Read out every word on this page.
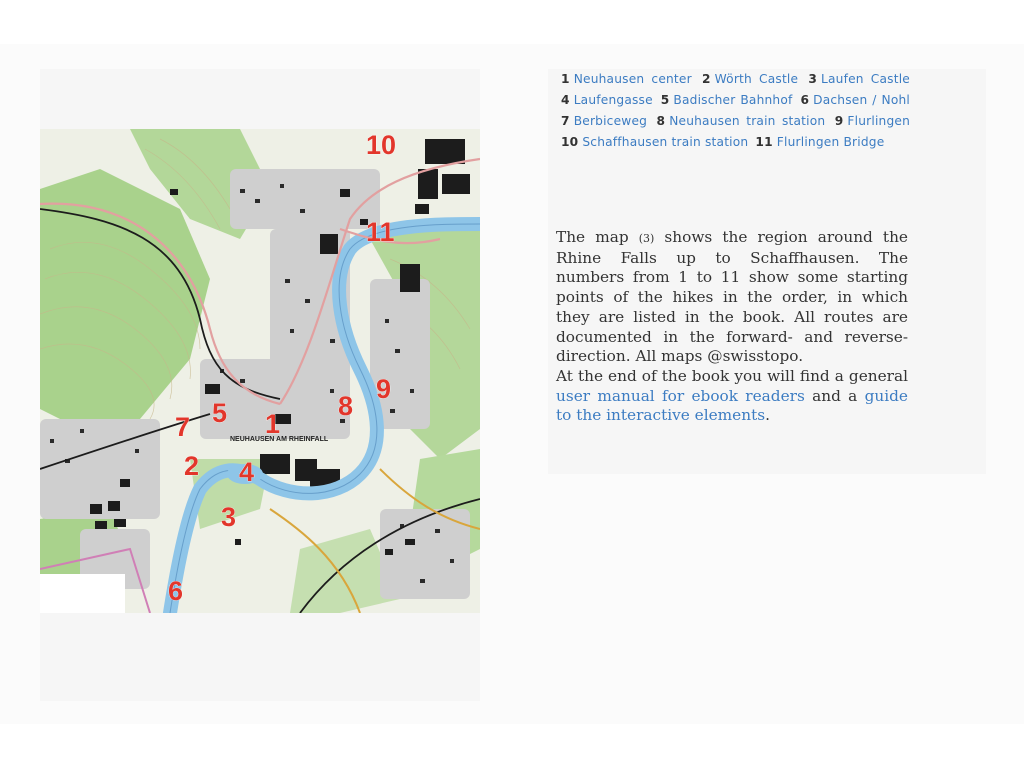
NEUHAUSEN AM RHEINFALL
1
2
3
4
5
6
7
8
9
10
11
1 Neuhausen center 2 Wörth Castle 3 Laufen Castle 4 Laufengasse 5 Badischer Bahnhof 6 Dachsen / Nohl 7 Berbiceweg 8 Neuhausen train station 9 Flurlingen 10 Schaffhausen train station 11 Flurlingen Bridge

The map (3) shows the region around the Rhine Falls up to Schaffhausen. The numbers from 1 to 11 show some starting points of the hikes in the order, in which they are listed in the book. All routes are documented in the forward- and reverse-direction. All maps @swisstopo.

At the end of the book you will find a general user manual for ebook readers and a guide to the interactive elements.
